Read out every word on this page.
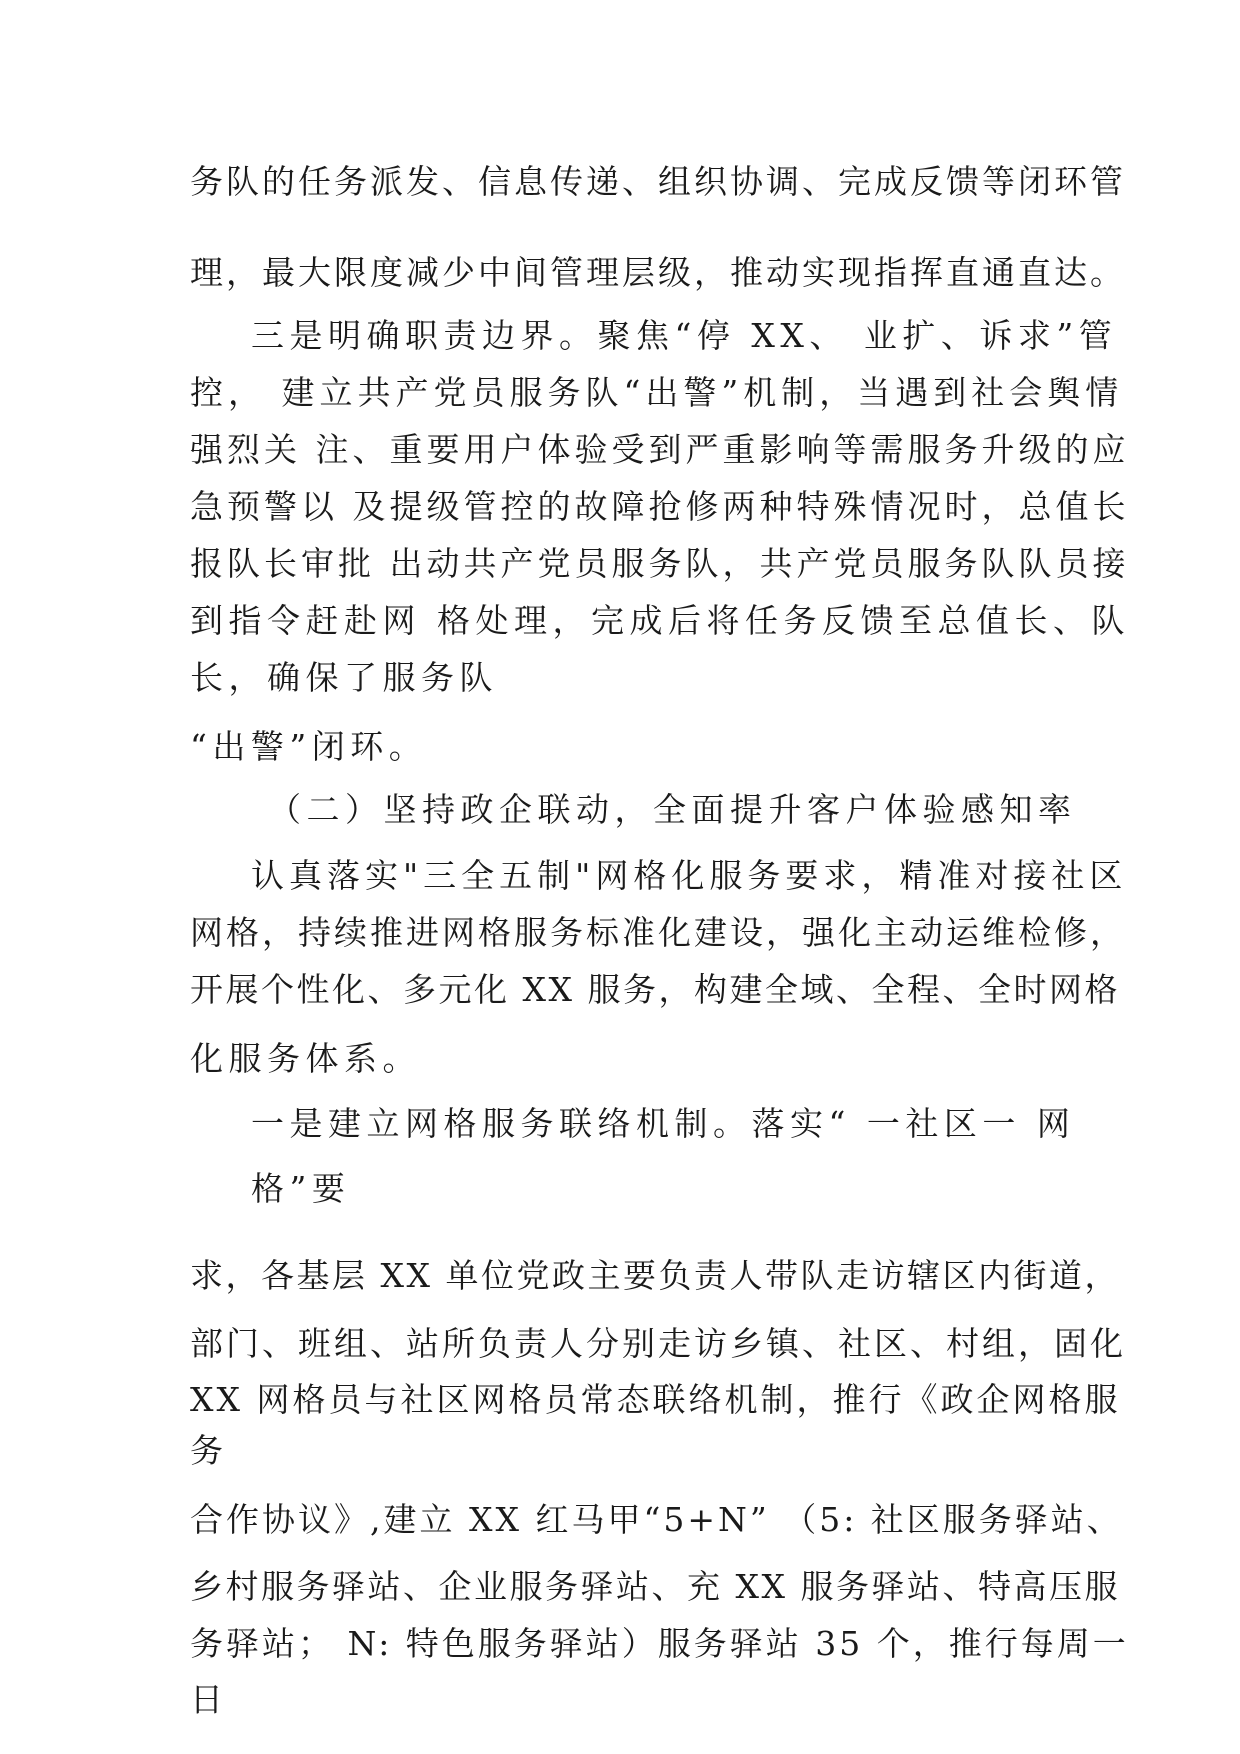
务队的任务派发、信息传递、组织协调、完成反馈等闭环管
理，最大限度减少中间管理层级，推动实现指挥直通直达。
三是明确职责边界。聚焦“停 XX、 业扩、诉求”管
控， 建立共产党员服务队“出警”机制，当遇到社会舆情
强烈关 注、重要用户体验受到严重影响等需服务升级的应
急预警以 及提级管控的故障抢修两种特殊情况时，总值长
报队长审批 出动共产党员服务队，共产党员服务队队员接
到指令赶赴网 格处理，完成后将任务反馈至总值长、队
长，确保了服务队
“出警”闭环。
（二）坚持政企联动，全面提升客户体验感知率
认真落实"三全五制"网格化服务要求，精准对接社区
网格，持续推进网格服务标准化建设，强化主动运维检修，
开展个性化、多元化 XX 服务，构建全域、全程、全时网格
化服务体系。
一是建立网格服务联络机制。落实“ 一社区一 网
格”要
求，各基层 XX 单位党政主要负责人带队走访辖区内街道，
部门、班组、站所负责人分别走访乡镇、社区、村组，固化
XX 网格员与社区网格员常态联络机制，推行《政企网格服
务
合作协议》,建立 XX 红马甲“5+N” （5: 社区服务驿站、
乡村服务驿站、企业服务驿站、充 XX 服务驿站、特高压服
务驿站； N: 特色服务驿站）服务驿站 35 个，推行每周一
日
